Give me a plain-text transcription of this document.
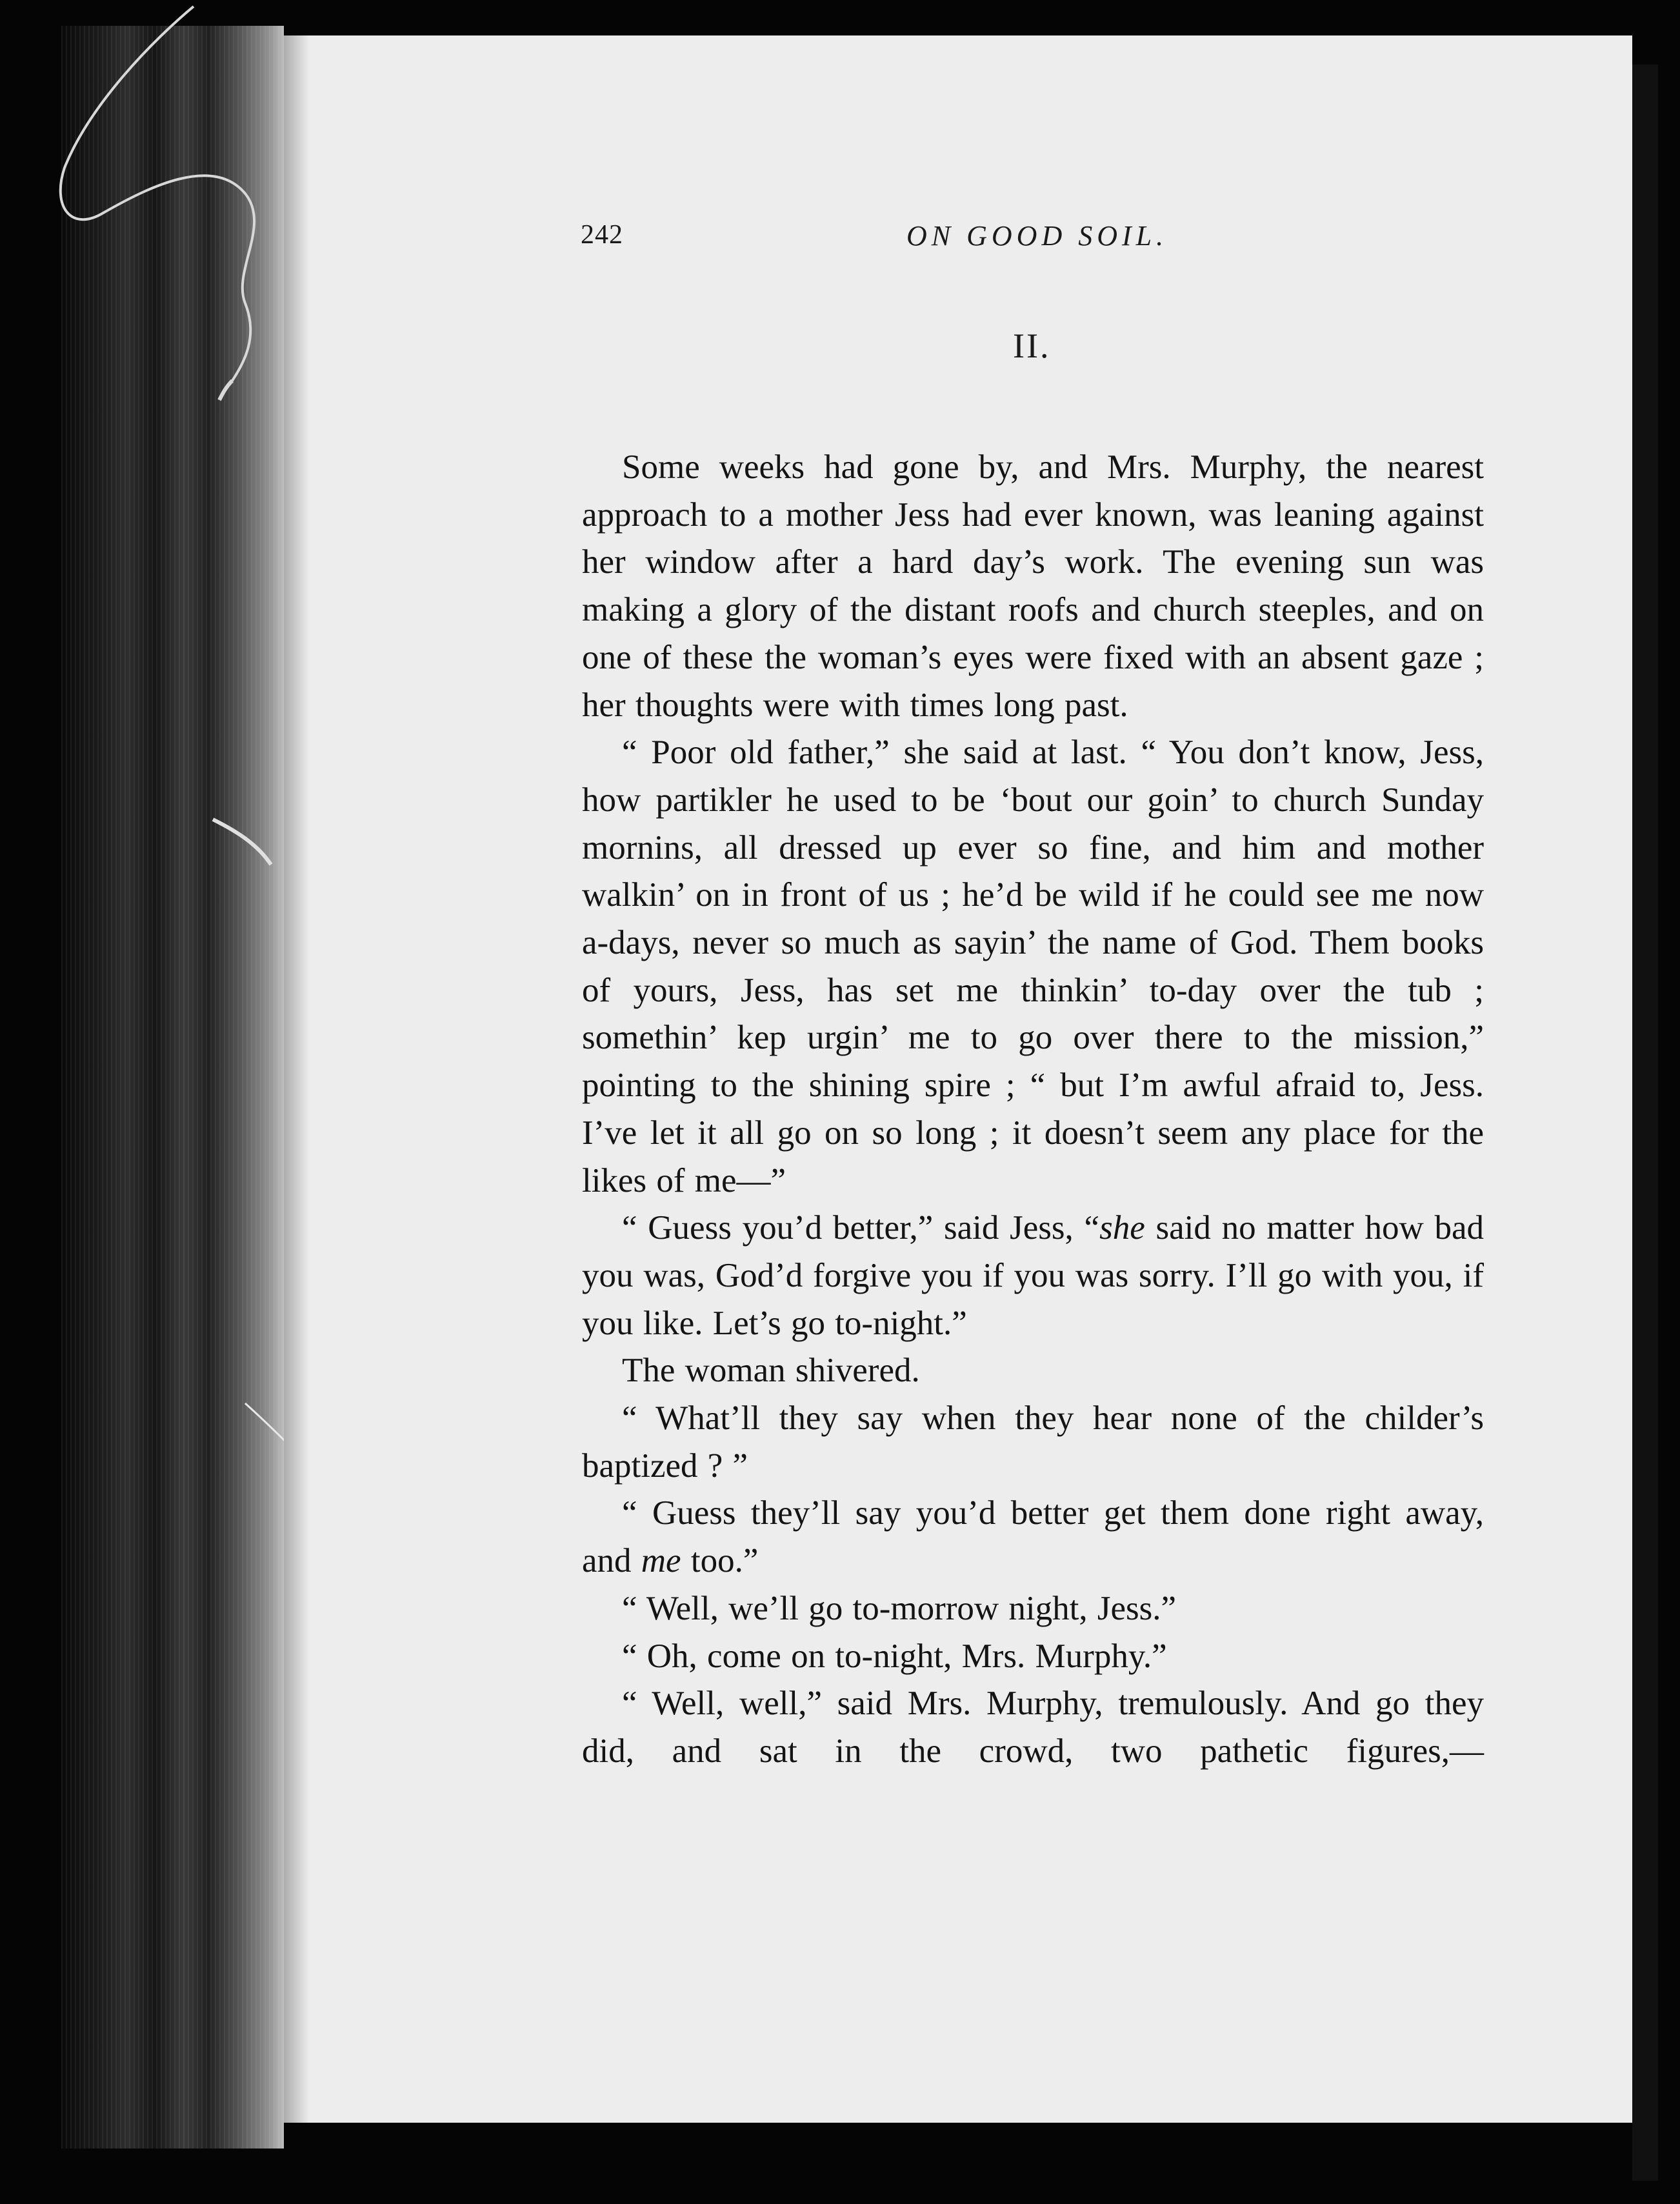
242	ON GOOD SOIL.
II.

Some weeks had gone by, and Mrs. Murphy, the nearest approach to a mother Jess had ever known, was leaning against her window after a hard day’s work. The evening sun was making a glory of the distant roofs and church steeples, and on one of these the woman’s eyes were fixed with an absent gaze ; her thoughts were with times long past.

“ Poor old father,” she said at last. “ You don’t know, Jess, how partikler he used to be ‘bout our goin’ to church Sunday mornins, all dressed up ever so fine, and him and mother walkin’ on in front of us ; he’d be wild if he could see me now a-days, never so much as sayin’ the name of God. Them books of yours, Jess, has set me thinkin’ to-day over the tub ; somethin’ kep urgin’ me to go over there to the mission,” pointing to the shining spire ; “ but I’m awful afraid to, Jess. I’ve let it all go on so long ; it doesn’t seem any place for the likes of me—”

“ Guess you’d better,” said Jess, “she said no matter how bad you was, God’d forgive you if you was sorry. I’ll go with you, if you like. Let’s go to-night.”

The woman shivered.

“ What’ll they say when they hear none of the childer’s baptized ? ”

“ Guess they’ll say you’d better get them done right away, and me too.”

“ Well, we’ll go to-morrow night, Jess.”

“ Oh, come on to-night, Mrs. Murphy.”

“ Well, well,” said Mrs. Murphy, tremulously. And go they did, and sat in the crowd, two pathetic figures,—
